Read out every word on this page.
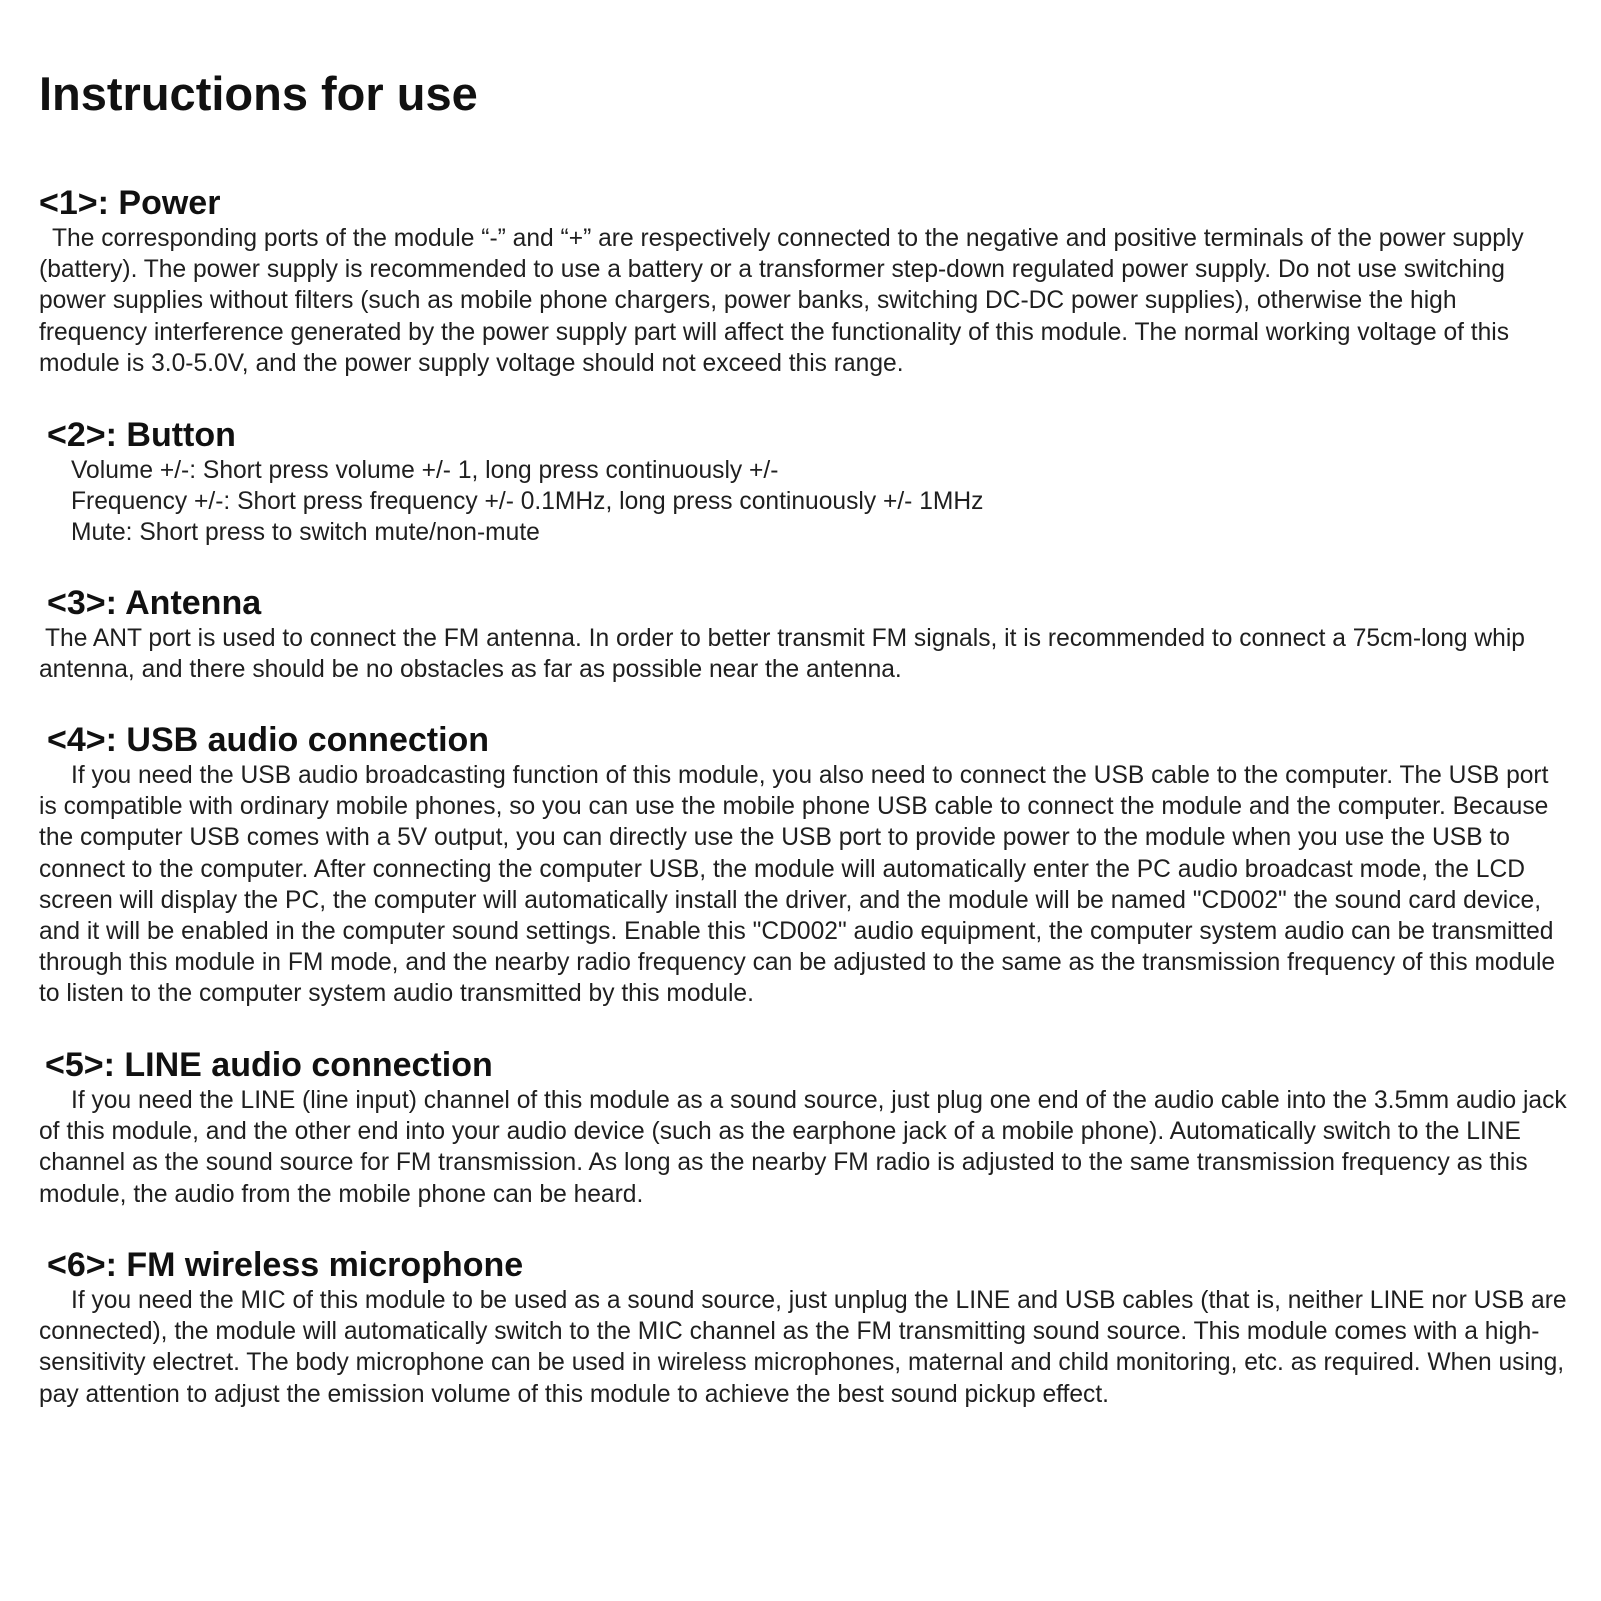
Instructions for use
<1>: Power

The corresponding ports of the module “-” and “+” are respectively connected to the negative and positive terminals of the power supply (battery). The power supply is recommended to use a battery or a transformer step-down regulated power supply. Do not use switching power supplies without filters (such as mobile phone chargers, power banks, switching DC-DC power supplies), otherwise the high frequency interference generated by the power supply part will affect the functionality of this module. The normal working voltage of this module is 3.0-5.0V, and the power supply voltage should not exceed this range.

<2>: Button
Volume +/-: Short press volume +/- 1, long press continuously +/-
Frequency +/-: Short press frequency +/- 0.1MHz, long press continuously +/- 1MHz
Mute: Short press to switch mute/non-mute
<3>: Antenna

The ANT port is used to connect the FM antenna. In order to better transmit FM signals, it is recommended to connect a 75cm-long whip antenna, and there should be no obstacles as far as possible near the antenna.

<4>: USB audio connection

If you need the USB audio broadcasting function of this module, you also need to connect the USB cable to the computer. The USB port is compatible with ordinary mobile phones, so you can use the mobile phone USB cable to connect the module and the computer. Because the computer USB comes with a 5V output, you can directly use the USB port to provide power to the module when you use the USB to connect to the computer. After connecting the computer USB, the module will automatically enter the PC audio broadcast mode, the LCD screen will display the PC, the computer will automatically install the driver, and the module will be named "CD002" the sound card device, and it will be enabled in the computer sound settings. Enable this "CD002" audio equipment, the computer system audio can be transmitted through this module in FM mode, and the nearby radio frequency can be adjusted to the same as the transmission frequency of this module to listen to the computer system audio transmitted by this module.

<5>: LINE audio connection

If you need the LINE (line input) channel of this module as a sound source, just plug one end of the audio cable into the 3.5mm audio jack of this module, and the other end into your audio device (such as the earphone jack of a mobile phone). Automatically switch to the LINE channel as the sound source for FM transmission. As long as the nearby FM radio is adjusted to the same transmission frequency as this module, the audio from the mobile phone can be heard.

<6>: FM wireless microphone

If you need the MIC of this module to be used as a sound source, just unplug the LINE and USB cables (that is, neither LINE nor USB are connected), the module will automatically switch to the MIC channel as the FM transmitting sound source. This module comes with a high-sensitivity electret. The body microphone can be used in wireless microphones, maternal and child monitoring, etc. as required. When using, pay attention to adjust the emission volume of this module to achieve the best sound pickup effect.
